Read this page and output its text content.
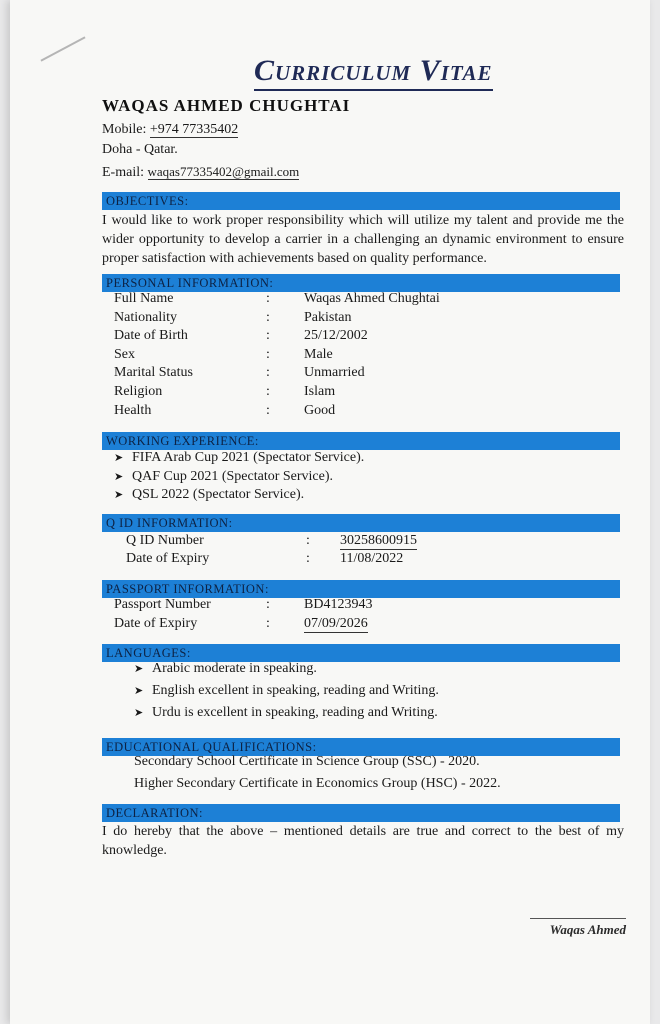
Curriculum Vitae
WAQAS AHMED CHUGHTAI
Mobile: +974 77335402
Doha - Qatar.
E-mail: waqas77335402@gmail.com
OBJECTIVES:
I would like to work proper responsibility which will utilize my talent and provide me the wider opportunity to develop a carrier in a challenging an dynamic environment to ensure proper satisfaction with achievements based on quality performance.
PERSONAL INFORMATION:
Full Name	: Waqas Ahmed Chughtai
Nationality	: Pakistan
Date of Birth	: 25/12/2002
Sex	: Male
Marital Status	: Unmarried
Religion	: Islam
Health	: Good
WORKING EXPERIENCE:
➤ FIFA Arab Cup 2021 (Spectator Service).
➤ QAF Cup 2021 (Spectator Service).
➤ QSL 2022 (Spectator Service).
Q ID INFORMATION:
Q ID Number	: 30258600915
Date of Expiry	: 11/08/2022
PASSPORT INFORMATION:
Passport Number	: BD4123943
Date of Expiry	: 07/09/2026
LANGUAGES:
➤ Arabic moderate in speaking.
➤ English excellent in speaking, reading and Writing.
➤ Urdu is excellent in speaking, reading and Writing.
EDUCATIONAL QUALIFICATIONS:
Secondary School Certificate in Science Group (SSC) - 2020.
Higher Secondary Certificate in Economics Group (HSC) - 2022.
DECLARATION:
I do hereby that the above – mentioned details are true and correct to the best of my knowledge.
Waqas Ahmed
